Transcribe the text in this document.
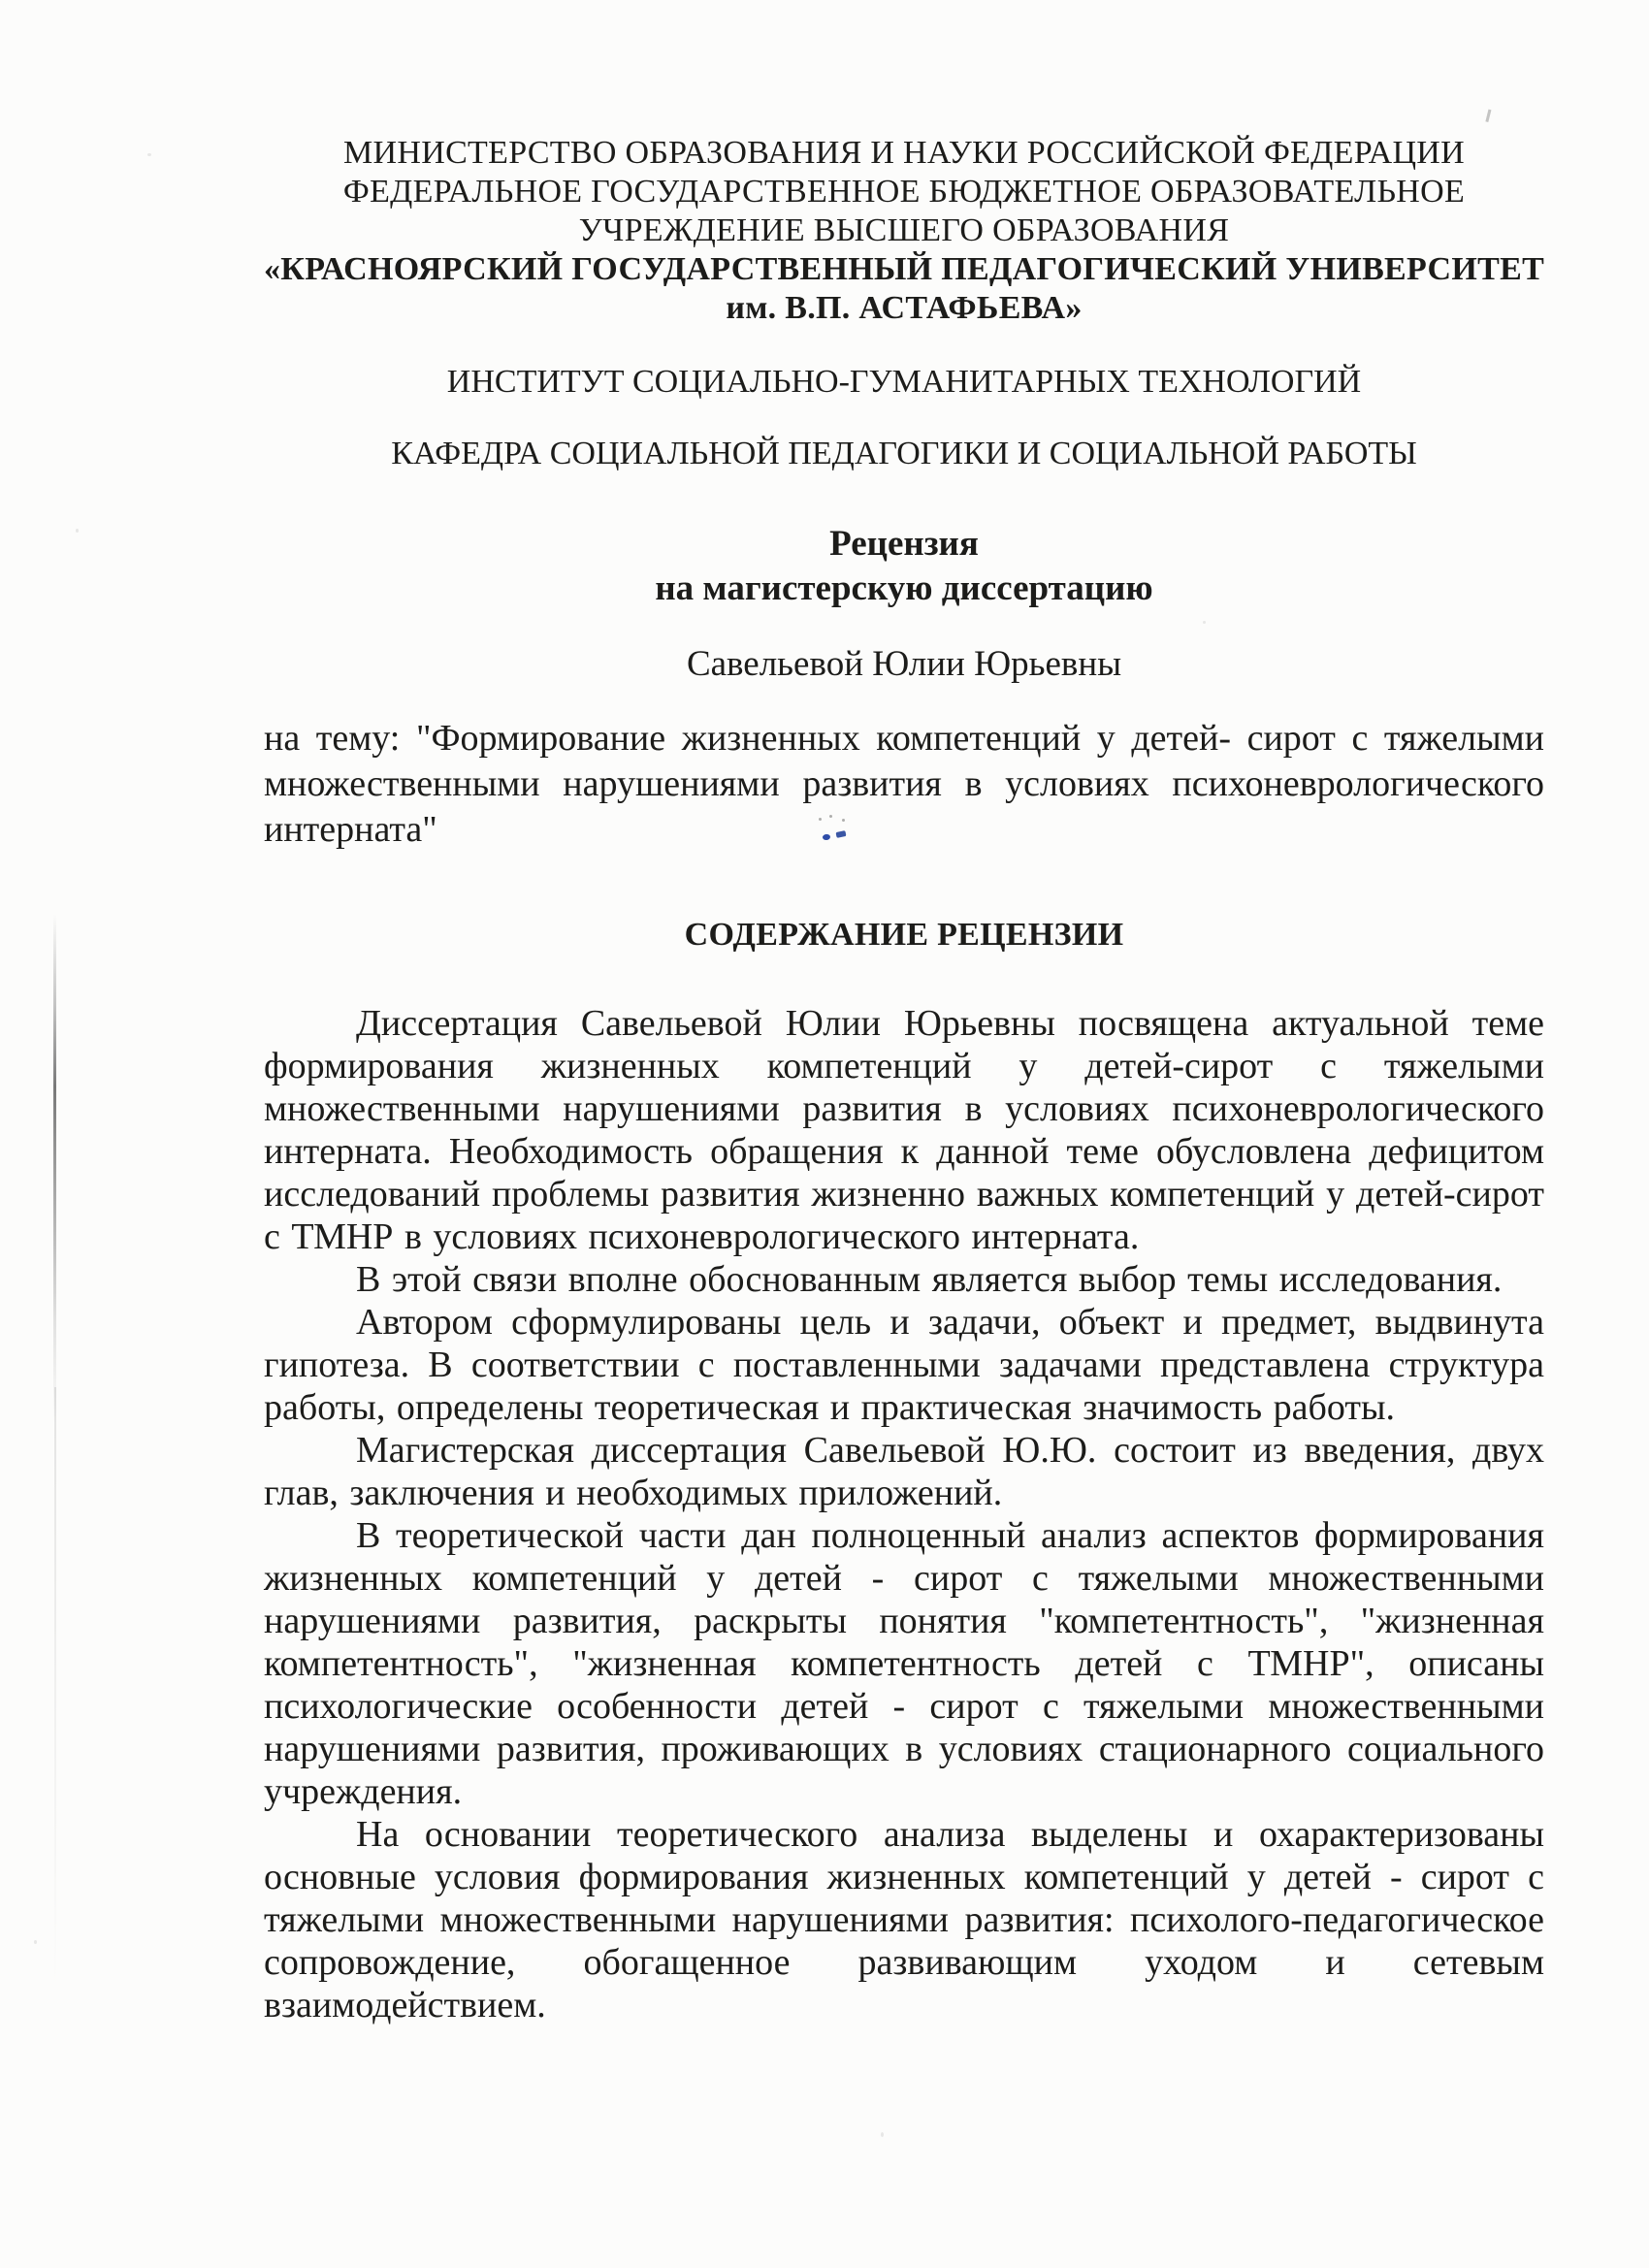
МИНИСТЕРСТВО ОБРАЗОВАНИЯ И НАУКИ РОССИЙСКОЙ ФЕДЕРАЦИИ
ФЕДЕРАЛЬНОЕ ГОСУДАРСТВЕННОЕ БЮДЖЕТНОЕ ОБРАЗОВАТЕЛЬНОЕ
УЧРЕЖДЕНИЕ ВЫСШЕГО ОБРАЗОВАНИЯ
«КРАСНОЯРСКИЙ ГОСУДАРСТВЕННЫЙ ПЕДАГОГИЧЕСКИЙ УНИВЕРСИТЕТ
им. В.П. АСТАФЬЕВА»
ИНСТИТУТ СОЦИАЛЬНО-ГУМАНИТАРНЫХ ТЕХНОЛОГИЙ
КАФЕДРА СОЦИАЛЬНОЙ ПЕДАГОГИКИ И СОЦИАЛЬНОЙ РАБОТЫ
Рецензия
на магистерскую диссертацию
Савельевой Юлии Юрьевны

на тему: "Формирование жизненных компетенций у детей- сирот с тяжелыми множественными нарушениями развития в условиях психоневрологического интерната"

СОДЕРЖАНИЕ РЕЦЕНЗИИ

Диссертация Савельевой Юлии Юрьевны посвящена актуальной теме формирования жизненных компетенций у детей-сирот с тяжелыми множественными нарушениями развития в условиях психоневрологического интерната. Необходимость обращения к данной теме обусловлена дефицитом исследований проблемы развития жизненно важных компетенций у детей-сирот с ТМНР в условиях психоневрологического интерната.

В этой связи вполне обоснованным является выбор темы исследования.

Автором сформулированы цель и задачи, объект и предмет, выдвинута гипотеза. В соответствии с поставленными задачами представлена структура работы, определены теоретическая и практическая значимость работы.

Магистерская диссертация Савельевой Ю.Ю. состоит из введения, двух глав, заключения и необходимых приложений.

В теоретической части дан полноценный анализ аспектов формирования жизненных компетенций у детей - сирот с тяжелыми множественными нарушениями развития, раскрыты понятия "компетентность", "жизненная компетентность", "жизненная компетентность детей с ТМНР", описаны психологические особенности детей - сирот с тяжелыми множественными нарушениями развития, проживающих в условиях стационарного социального учреждения.

На основании теоретического анализа выделены и охарактеризованы основные условия формирования жизненных компетенций у детей - сирот с тяжелыми множественными нарушениями развития: психолого-педагогическое сопровождение, обогащенное развивающим уходом и сетевым взаимодействием.
